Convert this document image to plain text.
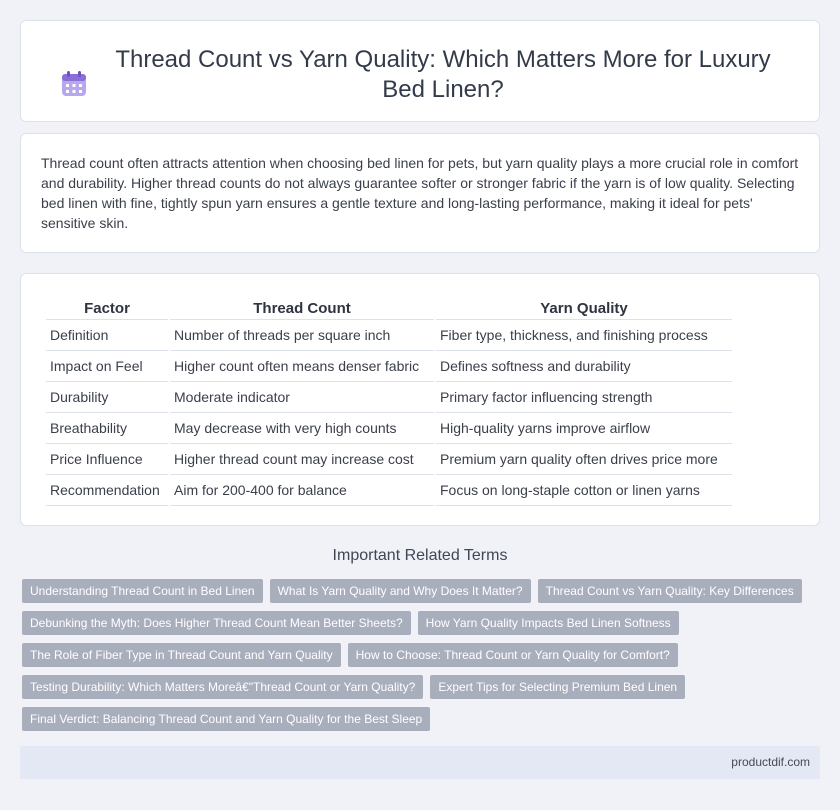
Thread Count vs Yarn Quality: Which Matters More for Luxury Bed Linen?

Thread count often attracts attention when choosing bed linen for pets, but yarn quality plays a more crucial role in comfort and durability. Higher thread counts do not always guarantee softer or stronger fabric if the yarn is of low quality. Selecting bed linen with fine, tightly spun yarn ensures a gentle texture and long-lasting performance, making it ideal for pets' sensitive skin.

Factor	Thread Count	Yarn Quality
Definition	Number of threads per square inch	Fiber type, thickness, and finishing process
Impact on Feel	Higher count often means denser fabric	Defines softness and durability
Durability	Moderate indicator	Primary factor influencing strength
Breathability	May decrease with very high counts	High-quality yarns improve airflow
Price Influence	Higher thread count may increase cost	Premium yarn quality often drives price more
Recommendation	Aim for 200-400 for balance	Focus on long-staple cotton or linen yarns
Important Related Terms
Understanding Thread Count in Bed Linen	What Is Yarn Quality and Why Does It Matter?	Thread Count vs Yarn Quality: Key Differences
Debunking the Myth: Does Higher Thread Count Mean Better Sheets?	How Yarn Quality Impacts Bed Linen Softness
The Role of Fiber Type in Thread Count and Yarn Quality	How to Choose: Thread Count or Yarn Quality for Comfort?
Testing Durability: Which Matters Moreâ€"Thread Count or Yarn Quality?	Expert Tips for Selecting Premium Bed Linen
Final Verdict: Balancing Thread Count and Yarn Quality for the Best Sleep
productdif.com
